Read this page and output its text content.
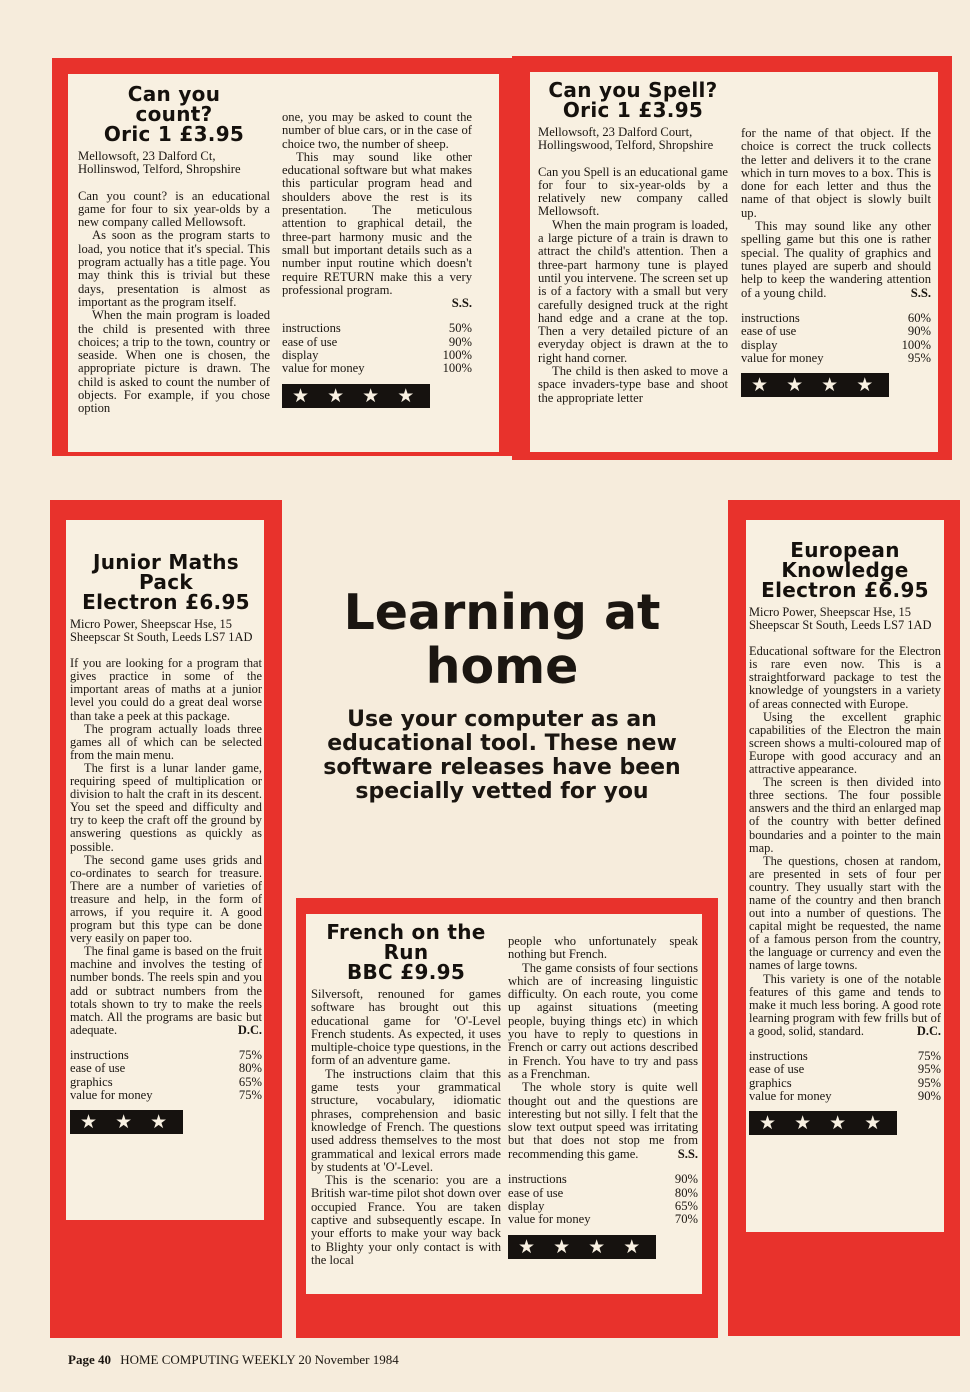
Can you
count?
Oric 1 £3.95

Mellowsoft, 23 Dalford Ct, Hollinswod, Telford, Shropshire

Can you count? is an educational game for four to six year-olds by a new company called Mellowsoft.

As soon as the program starts to load, you notice that it's special. This program actually has a title page. You may think this is trivial but these days, presentation is almost as important as the program itself.

When the main program is loaded the child is presented with three choices; a trip to the town, country or seaside. When one is chosen, the appropriate picture is drawn. The child is asked to count the number of objects. For example, if you chose option

one, you may be asked to count the number of blue cars, or in the case of choice two, the number of sheep.

This may sound like other educational software but what makes this particular program head and shoulders above the rest is its presentation. The meticulous attention to graphical detail, the three-part harmony music and the small but important details such as a number input routine which doesn't require RETURN make this a very professional program.

S.S.
instructions	50%
ease of use	90%
display	100%
value for money	100%
★ ★ ★ ★
Can you Spell?
Oric 1 £3.95

Mellowsoft, 23 Dalford Court, Hollingswood, Telford, Shropshire

Can you Spell is an educational game for four to six-year-olds by a relatively new company called Mellowsoft.

When the main program is loaded, a large picture of a train is drawn to attract the child's attention. Then a three-part harmony tune is played until you intervene. The screen set up is of a factory with a small but very carefully designed truck at the right hand edge and a crane at the top. Then a very detailed picture of an everyday object is drawn at the to right hand corner.

The child is then asked to move a space invaders-type base and shoot the appropriate letter

for the name of that object. If the choice is correct the truck collects the letter and delivers it to the crane which in turn moves to a box. This is done for each letter and thus the name of that object is slowly built up.

This may sound like any other spelling game but this one is rather special. The quality of graphics and tunes played are superb and should help to keep the wandering attention of a young child.	S.S.
instructions	60%
ease of use	90%
display	100%
value for money	95%
★ ★ ★ ★
Junior Maths
Pack
Electron £6.95

Micro Power, Sheepscar Hse, 15 Sheepscar St South, Leeds LS7 1AD

If you are looking for a program that gives practice in some of the important areas of maths at a junior level you could do a great deal worse than take a peek at this package.

The program actually loads three games all of which can be selected from the main menu.

The first is a lunar lander game, requiring speed of multiplication or division to halt the craft in its descent. You set the speed and difficulty and try to keep the craft off the ground by answering questions as quickly as possible.

The second game uses grids and co-ordinates to search for treasure. There are a number of varieties of treasure and help, in the form of arrows, if you require it. A good program but this type can be done very easily on paper too.

The final game is based on the fruit machine and involves the testing of number bonds. The reels spin and you add or subtract numbers from the totals shown to try to make the reels match. All the programs are basic but adequate.	D.C.
instructions	75%
ease of use	80%
graphics	65%
value for money	75%
★ ★ ★
European
Knowledge
Electron £6.95

Micro Power, Sheepscar Hse, 15 Sheepscar St South, Leeds LS7 1AD

Educational software for the Electron is rare even now. This is a straightforward package to test the knowledge of youngsters in a variety of areas connected with Europe.

Using the excellent graphic capabilities of the Electron the main screen shows a multi-coloured map of Europe with good accuracy and an attractive appearance.

The screen is then divided into three sections. The four possible answers and the third an enlarged map of the country with better defined boundaries and a pointer to the main map.

The questions, chosen at random, are presented in sets of four per country. They usually start with the name of the country and then branch out into a number of questions. The capital might be requested, the name of a famous person from the country, the language or currency and even the names of large towns.

This variety is one of the notable features of this game and tends to make it much less boring. A good rote learning program with few frills but of a good, solid, standard.	D.C.
instructions	75%
ease of use	95%
graphics	95%
value for money	90%
★ ★ ★ ★
French on the
Run
BBC £9.95

Silversoft, renouned for games software has brought out this educational game for 'O'-Level French students. As expected, it uses multiple-choice type questions, in the form of an adventure game.

The instructions claim that this game tests your grammatical structure, vocabulary, idiomatic phrases, comprehension and basic knowledge of French. The questions used address themselves to the most grammatical and lexical errors made by students at 'O'-Level.

This is the scenario: you are a British war-time pilot shot down over occupied France. You are taken captive and subsequently escape. In your efforts to make your way back to Blighty your only contact is with the local

people who unfortunately speak nothing but French.

The game consists of four sections which are of increasing linguistic difficulty. On each route, you come up against situations (meeting people, buying things etc) in which you have to reply to questions in French or carry out actions described in French. You have to try and pass as a Frenchman.

The whole story is quite well thought out and the questions are interesting but not silly. I felt that the slow text output speed was irritating but that does not stop me from recommending this game.	S.S.
instructions	90%
ease of use	80%
display	65%
value for money	70%
★ ★ ★ ★
Learning at
home
Use your computer as an educational tool. These new software releases have been specially vetted for you
Page 40 HOME COMPUTING WEEKLY 20 November 1984
